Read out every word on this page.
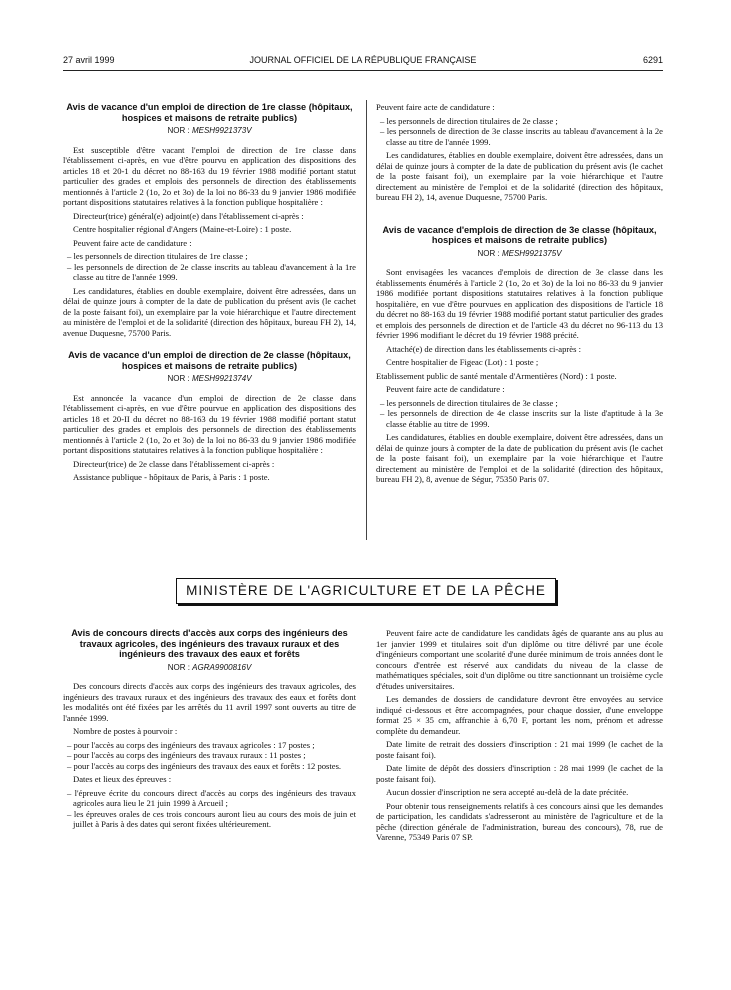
27 avril 1999	JOURNAL OFFICIEL DE LA RÉPUBLIQUE FRANÇAISE	6291
Avis de vacance d'un emploi de direction de 1re classe (hôpitaux, hospices et maisons de retraite publics)
NOR : MESH9921373V

Est susceptible d'être vacant l'emploi de direction de 1re classe dans l'établissement ci-après, en vue d'être pourvu en application des dispositions des articles 18 et 20-1 du décret no 88-163 du 19 février 1988 modifié portant statut particulier des grades et emplois des personnels de direction des établissements mentionnés à l'article 2 (1o, 2o et 3o) de la loi no 86-33 du 9 janvier 1986 modifiée portant dispositions statutaires relatives à la fonction publique hospitalière :

Directeur(trice) général(e) adjoint(e) dans l'établissement ci-après :

Centre hospitalier régional d'Angers (Maine-et-Loire) : 1 poste.

Peuvent faire acte de candidature :

– les personnels de direction titulaires de 1re classe ;
– les personnels de direction de 2e classe inscrits au tableau d'avancement à la 1re classe au titre de l'année 1999.

Les candidatures, établies en double exemplaire, doivent être adressées, dans un délai de quinze jours à compter de la date de publication du présent avis (le cachet de la poste faisant foi), un exemplaire par la voie hiérarchique et l'autre directement au ministère de l'emploi et de la solidarité (direction des hôpitaux, bureau FH 2), 14, avenue Duquesne, 75700 Paris.

Avis de vacance d'un emploi de direction de 2e classe (hôpitaux, hospices et maisons de retraite publics)
NOR : MESH9921374V

Est annoncée la vacance d'un emploi de direction de 2e classe dans l'établissement ci-après, en vue d'être pourvue en application des dispositions des articles 18 et 20-II du décret no 88-163 du 19 février 1988 modifié portant statut particulier des grades et emplois des personnels de direction des établissements mentionnés à l'article 2 (1o, 2o et 3o) de la loi no 86-33 du 9 janvier 1986 modifiée portant dispositions statutaires relatives à la fonction publique hospitalière :

Directeur(trice) de 2e classe dans l'établissement ci-après :

Assistance publique - hôpitaux de Paris, à Paris : 1 poste.

Peuvent faire acte de candidature :

– les personnels de direction titulaires de 2e classe ;
– les personnels de direction de 3e classe inscrits au tableau d'avancement à la 2e classe au titre de l'année 1999.

Les candidatures, établies en double exemplaire, doivent être adressées, dans un délai de quinze jours à compter de la date de publication du présent avis (le cachet de la poste faisant foi), un exemplaire par la voie hiérarchique et l'autre directement au ministère de l'emploi et de la solidarité (direction des hôpitaux, bureau FH 2), 14, avenue Duquesne, 75700 Paris.

Avis de vacance d'emplois de direction de 3e classe (hôpitaux, hospices et maisons de retraite publics)
NOR : MESH9921375V

Sont envisagées les vacances d'emplois de direction de 3e classe dans les établissements énumérés à l'article 2 (1o, 2o et 3o) de la loi no 86-33 du 9 janvier 1986 modifiée portant dispositions statutaires relatives à la fonction publique hospitalière, en vue d'être pourvues en application des dispositions de l'article 18 du décret no 88-163 du 19 février 1988 modifié portant statut particulier des grades et emplois des personnels de direction et de l'article 43 du décret no 96-113 du 13 février 1996 modifiant le décret du 19 février 1988 précité.

Attaché(e) de direction dans les établissements ci-après :

Centre hospitalier de Figeac (Lot) : 1 poste ;

Etablissement public de santé mentale d'Armentières (Nord) : 1 poste.

Peuvent faire acte de candidature :

– les personnels de direction titulaires de 3e classe ;
– les personnels de direction de 4e classe inscrits sur la liste d'aptitude à la 3e classe établie au titre de 1999.

Les candidatures, établies en double exemplaire, doivent être adressées, dans un délai de quinze jours à compter de la date de publication du présent avis (le cachet de la poste faisant foi), un exemplaire par la voie hiérarchique et l'autre directement au ministère de l'emploi et de la solidarité (direction des hôpitaux, bureau FH 2), 8, avenue de Ségur, 75350 Paris 07.

MINISTÈRE DE L'AGRICULTURE ET DE LA PÊCHE
Avis de concours directs d'accès aux corps des ingénieurs des travaux agricoles, des ingénieurs des travaux ruraux et des ingénieurs des travaux des eaux et forêts
NOR : AGRA9900816V

Des concours directs d'accès aux corps des ingénieurs des travaux agricoles, des ingénieurs des travaux ruraux et des ingénieurs des travaux des eaux et forêts dont les modalités ont été fixées par les arrêtés du 11 avril 1997 sont ouverts au titre de l'année 1999.

Nombre de postes à pourvoir :

– pour l'accès au corps des ingénieurs des travaux agricoles : 17 postes ;
– pour l'accès au corps des ingénieurs des travaux ruraux : 11 postes ;
– pour l'accès au corps des ingénieurs des travaux des eaux et forêts : 12 postes.

Dates et lieux des épreuves :

– l'épreuve écrite du concours direct d'accès au corps des ingénieurs des travaux agricoles aura lieu le 21 juin 1999 à Arcueil ;
– les épreuves orales de ces trois concours auront lieu au cours des mois de juin et juillet à Paris à des dates qui seront fixées ultérieurement.

Peuvent faire acte de candidature les candidats âgés de quarante ans au plus au 1er janvier 1999 et titulaires soit d'un diplôme ou titre délivré par une école d'ingénieurs comportant une scolarité d'une durée minimum de trois années dont le concours d'entrée est réservé aux candidats du niveau de la classe de mathématiques spéciales, soit d'un diplôme ou titre sanctionnant un troisième cycle d'études universitaires.

Les demandes de dossiers de candidature devront être envoyées au service indiqué ci-dessous et être accompagnées, pour chaque dossier, d'une enveloppe format 25 × 35 cm, affranchie à 6,70 F, portant les nom, prénom et adresse complète du demandeur.

Date limite de retrait des dossiers d'inscription : 21 mai 1999 (le cachet de la poste faisant foi).

Date limite de dépôt des dossiers d'inscription : 28 mai 1999 (le cachet de la poste faisant foi).

Aucun dossier d'inscription ne sera accepté au-delà de la date précitée.

Pour obtenir tous renseignements relatifs à ces concours ainsi que les demandes de participation, les candidats s'adresseront au ministère de l'agriculture et de la pêche (direction générale de l'administration, bureau des concours), 78, rue de Varenne, 75349 Paris 07 SP.
